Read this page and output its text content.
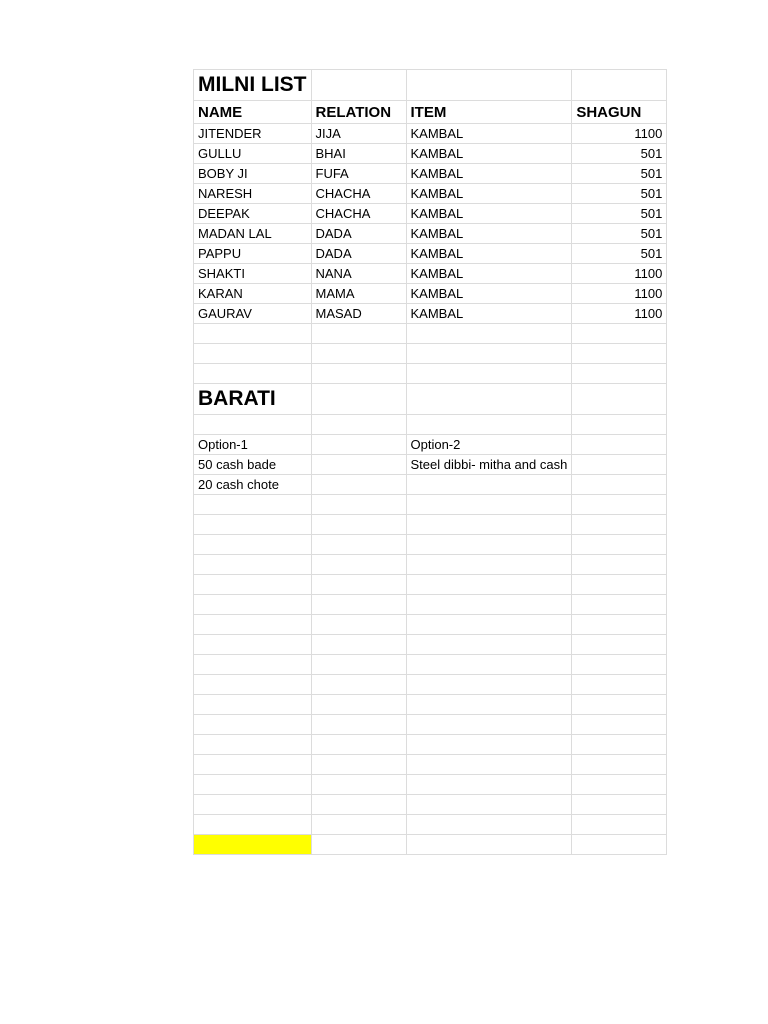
MILNI LIST			
NAME	RELATION	ITEM	SHAGUN
JITENDER	JIJA	KAMBAL	1100
GULLU	BHAI	KAMBAL	501
BOBY JI	FUFA	KAMBAL	501
NARESH	CHACHA	KAMBAL	501
DEEPAK	CHACHA	KAMBAL	501
MADAN LAL	DADA	KAMBAL	501
PAPPU	DADA	KAMBAL	501
SHAKTI	NANA	KAMBAL	1100
KARAN	MAMA	KAMBAL	1100
GAURAV	MASAD	KAMBAL	1100

BARATI			

Option-1		Option-2	
50 cash bade		Steel dibbi- mitha and cash	
20 cash chote			
